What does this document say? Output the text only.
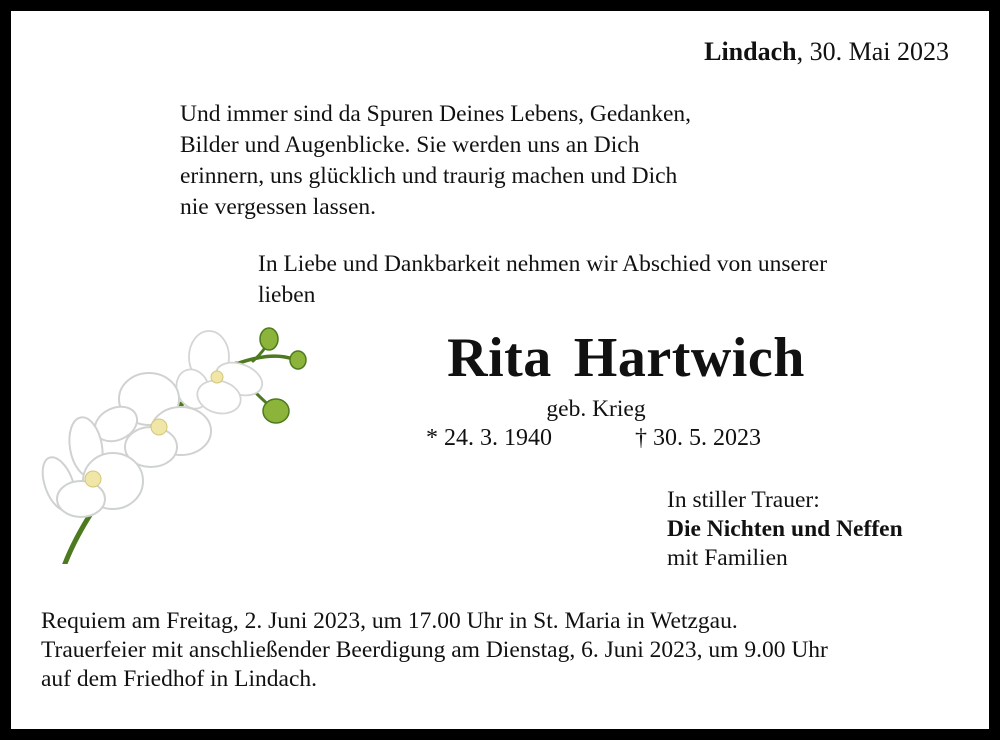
Lindach, 30. Mai 2023

Und immer sind da Spuren Deines Lebens, Gedanken,
Bilder und Augenblicke. Sie werden uns an Dich
erinnern, uns glücklich und traurig machen und Dich
nie vergessen lassen.

In Liebe und Dankbarkeit nehmen wir Abschied von unserer
lieben

Rita Hartwich
geb. Krieg
* 24. 3. 1940	† 30. 5. 2023
In stiller Trauer:
Die Nichten und Neffen
mit Familien

Requiem am Freitag, 2. Juni 2023, um 17.00 Uhr in St. Maria in Wetzgau.
Trauerfeier mit anschließender Beerdigung am Dienstag, 6. Juni 2023, um 9.00 Uhr
auf dem Friedhof in Lindach.
